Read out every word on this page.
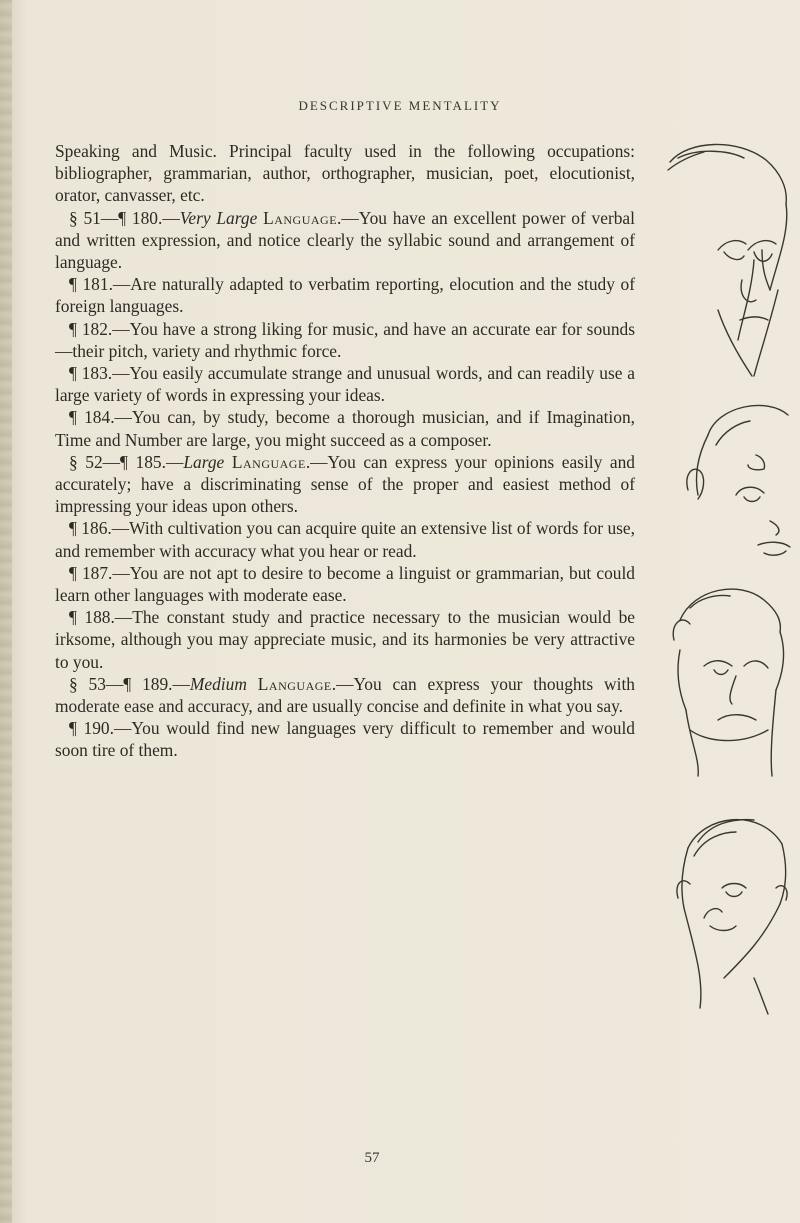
DESCRIPTIVE MENTALITY

Speaking and Music. Principal faculty used in the following occupations: bibliographer, grammarian, author, orthographer, musician, poet, elocutionist, orator, canvasser, etc.

§ 51—¶ 180.—Very Large Language.—You have an excellent power of verbal and written expression, and notice clearly the syllabic sound and arrangement of language.

¶ 181.—Are naturally adapted to verbatim reporting, elocution and the study of foreign languages.

¶ 182.—You have a strong liking for music, and have an accurate ear for sounds—their pitch, variety and rhythmic force.

¶ 183.—You easily accumulate strange and unusual words, and can readily use a large variety of words in expressing your ideas.

¶ 184.—You can, by study, become a thorough musician, and if Imagination, Time and Number are large, you might succeed as a composer.

§ 52—¶ 185.—Large Language.—You can express your opinions easily and accurately; have a discriminating sense of the proper and easiest method of impressing your ideas upon others.

¶ 186.—With cultivation you can acquire quite an extensive list of words for use, and remember with accuracy what you hear or read.

¶ 187.—You are not apt to desire to become a linguist or grammarian, but could learn other languages with moderate ease.

¶ 188.—The constant study and practice necessary to the musician would be irksome, although you may appreciate music, and its harmonies be very attractive to you.

§ 53—¶ 189.—Medium Language.—You can express your thoughts with moderate ease and accuracy, and are usually concise and definite in what you say.

¶ 190.—You would find new languages very difficult to remember and would soon tire of them.

57
